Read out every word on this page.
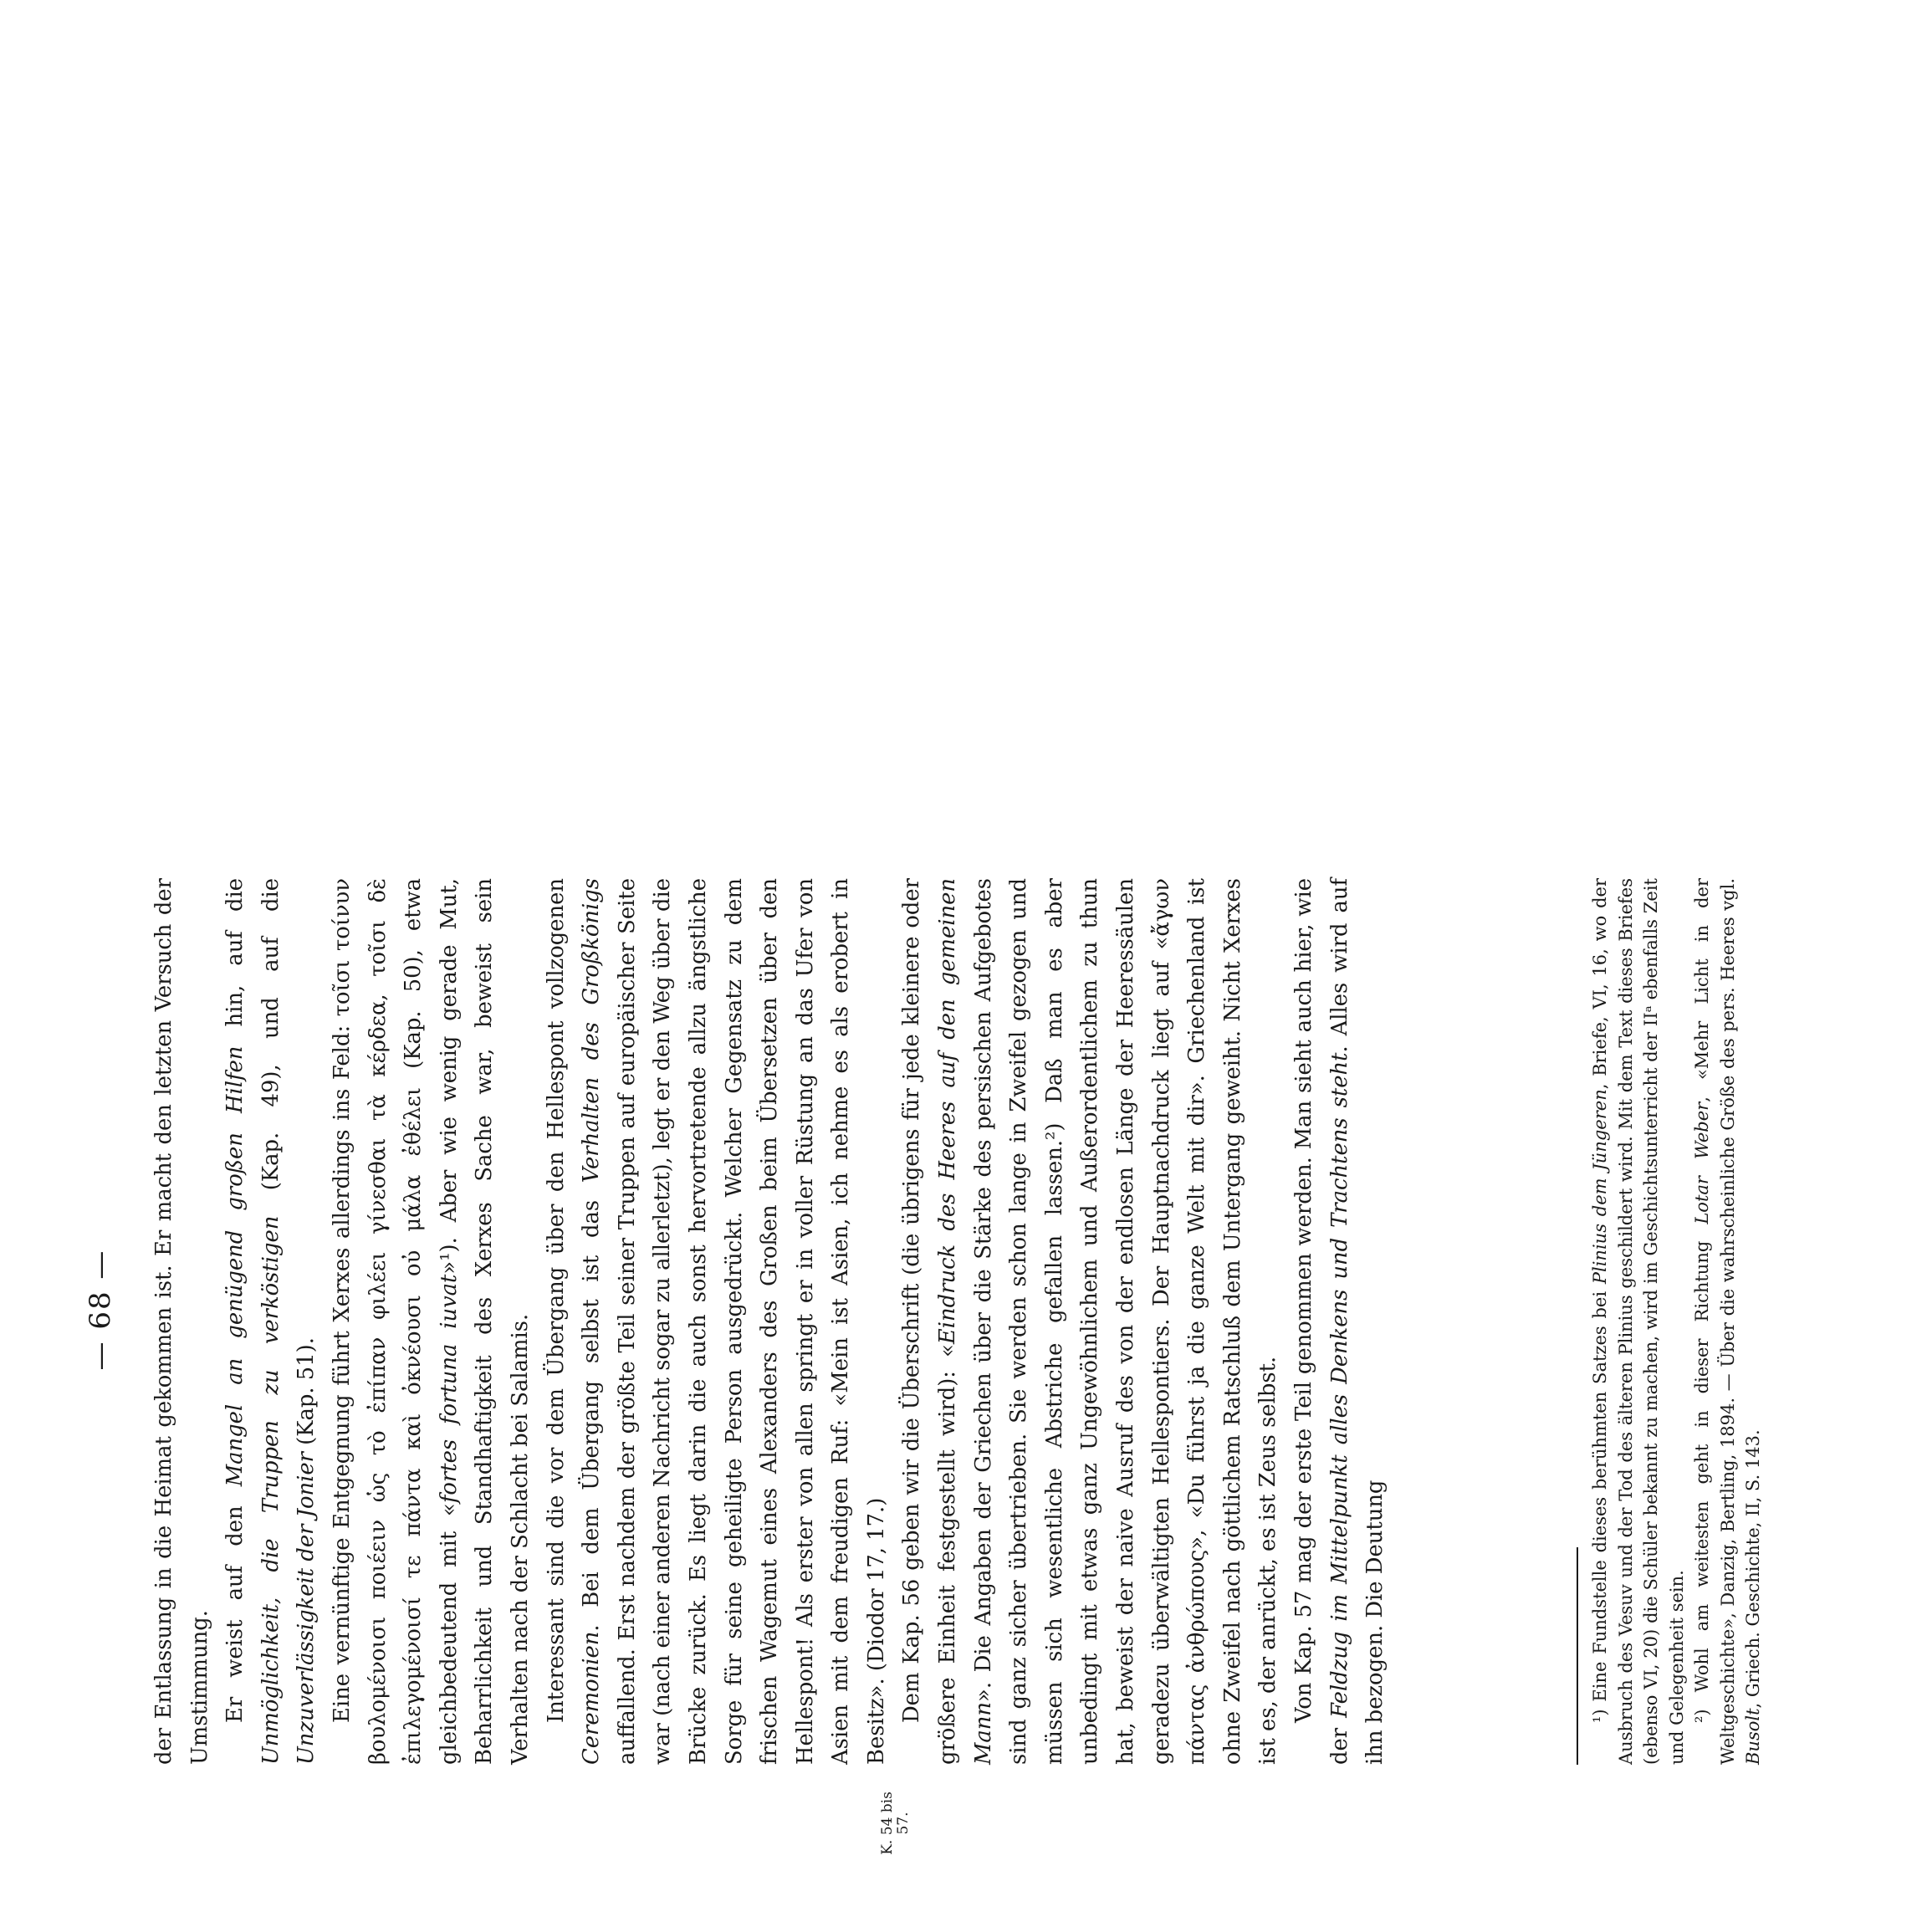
— 68 —
K. 54 bis 57.

der Entlassung in die Heimat gekommen ist. Er macht den letzten Versuch der Umstimmung. Er weist auf den Mangel an genügend großen Hilfen hin, auf die Unmöglichkeit, die Truppen zu verköstigen (Kap. 49), und auf die Unzuverlässigkeit der Jonier (Kap. 51). Eine vernünftige Entgegnung führt Xerxes allerdings ins Feld: τοῖσι τοίνυν βουλομένοισι ποιέειν ὡς τὸ ἐπίπαν φιλέει γίνεσθαι τὰ κέρδεα, τοῖσι δὲ ἐπιλεγομένοισί τε πάντα καὶ ὀκνέουσι οὐ μάλα ἐθέλει (Kap. 50), etwa gleichbedeutend mit «fortes fortuna iuvat»¹). Aber wie wenig gerade Mut, Beharrlichkeit und Standhaftigkeit des Xerxes Sache war, beweist sein Verhalten nach der Schlacht bei Salamis. Interessant sind die vor dem Übergang über den Hellespont vollzogenen Ceremonien. Bei dem Übergang selbst ist das Verhalten des Großkönigs auffallend. Erst nachdem der größte Teil seiner Truppen auf europäischer Seite war (nach einer anderen Nachricht sogar zu allerletzt), legt er den Weg über die Brücke zurück. Es liegt darin die auch sonst hervortretende allzu ängstliche Sorge für seine geheiligte Person ausgedrückt. Welcher Gegensatz zu dem frischen Wagemut eines Alexanders des Großen beim Übersetzen über den Hellespont! Als erster von allen springt er in voller Rüstung an das Ufer von Asien mit dem freudigen Ruf: «Mein ist Asien, ich nehme es als erobert in Besitz». (Diodor 17, 17.) Dem Kap. 56 geben wir die Überschrift (die übrigens für jede kleinere oder größere Einheit festgestellt wird): «Eindruck des Heeres auf den gemeinen Mann». Die Angaben der Griechen über die Stärke des persischen Aufgebotes sind ganz sicher übertrieben. Sie werden schon lange in Zweifel gezogen und müssen sich wesentliche Abstriche gefallen lassen.²) Daß man es aber unbedingt mit etwas ganz Ungewöhnlichem und Außerordentlichem zu thun hat, beweist der naive Ausruf des von der endlosen Länge der Heeressäulen geradezu überwältigten Hellespontiers. Der Hauptnachdruck liegt auf «ἄγων πάντας ἀνθρώπους», «Du führst ja die ganze Welt mit dir». Griechenland ist ohne Zweifel nach göttlichem Ratschluß dem Untergang geweiht. Nicht Xerxes ist es, der anrückt, es ist Zeus selbst. Von Kap. 57 mag der erste Teil genommen werden. Man sieht auch hier, wie der Feldzug im Mittelpunkt alles Denkens und Trachtens steht. Alles wird auf ihn bezogen. Die Deutung	¹) Eine Fundstelle dieses berühmten Satzes bei Plinius dem Jüngeren, Briefe, VI, 16, wo der Ausbruch des Vesuv und der Tod des älteren Plinius geschildert wird. Mit dem Text dieses Briefes (ebenso VI, 20) die Schüler bekannt zu machen, wird im Geschichtsunterricht der IIᵃ ebenfalls Zeit und Gelegenheit sein. ²) Wohl am weitesten geht in dieser Richtung Lotar Weber, «Mehr Licht in der Weltgeschichte», Danzig, Bertling, 1894. — Über die wahrscheinliche Größe des pers. Heeres vgl. Busolt, Griech. Geschichte, II, S. 143.
